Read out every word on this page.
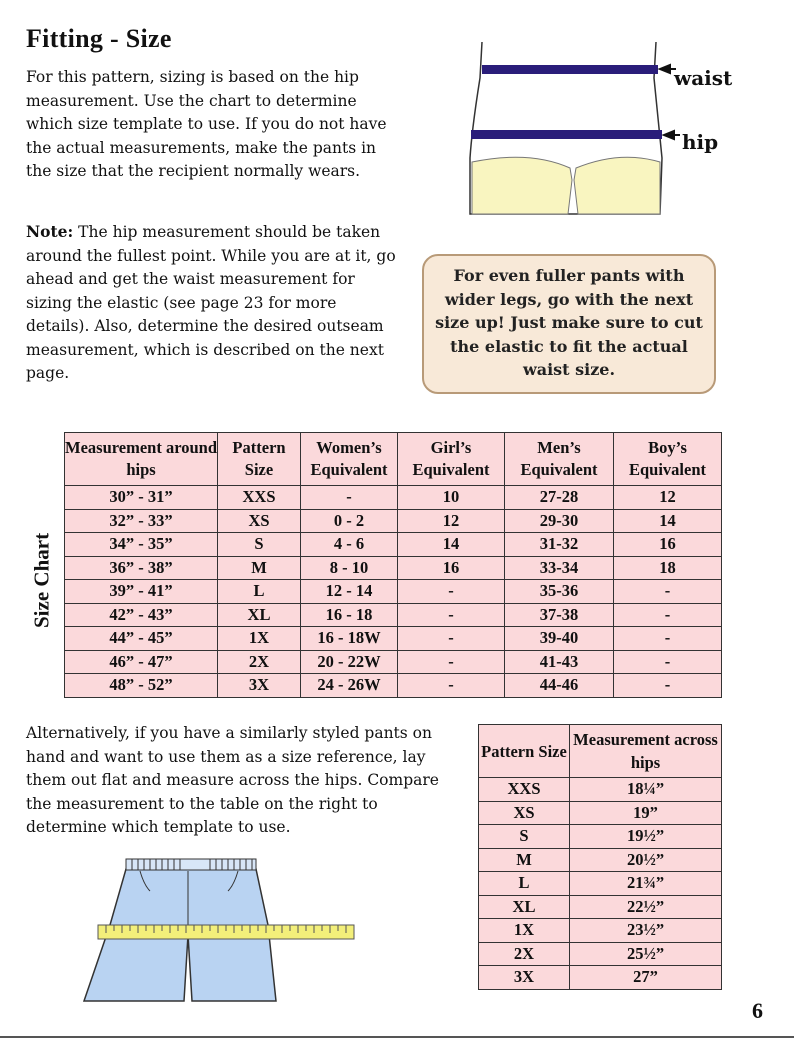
Fitting - Size

For this pattern, sizing is based on the hip measurement. Use the chart to determine which size template to use. If you do not have the actual measurements, make the pants in the size that the recipient normally wears.

Note: The hip measurement should be taken around the fullest point. While you are at it, go ahead and get the waist measurement for sizing the elastic (see page 23 for more details). Also, determine the desired outseam measurement, which is described on the next page.

waist
hip
For even fuller pants with wider legs, go with the next size up! Just make sure to cut the elastic to fit the actual waist size.
Size Chart
Measurement around hips	Pattern Size	Women’s Equivalent	Girl’s Equivalent	Men’s Equivalent	Boy’s Equivalent
30” - 31”	XXS	-	10	27-28	12
32” - 33”	XS	0 - 2	12	29-30	14
34” - 35”	S	4 - 6	14	31-32	16
36” - 38”	M	8 - 10	16	33-34	18
39” - 41”	L	12 - 14	-	35-36	-
42” - 43”	XL	16 - 18	-	37-38	-
44” - 45”	1X	16 - 18W	-	39-40	-
46” - 47”	2X	20 - 22W	-	41-43	-
48” - 52”	3X	24 - 26W	-	44-46	-

Alternatively, if you have a similarly styled pants on hand and want to use them as a size reference, lay them out flat and measure across the hips. Compare the measurement to the table on the right to determine which template to use.

Pattern Size	Measurement across hips
XXS	18¼”
XS	19”
S	19½”
M	20½”
L	21¾”
XL	22½”
1X	23½”
2X	25½”
3X	27”
6
